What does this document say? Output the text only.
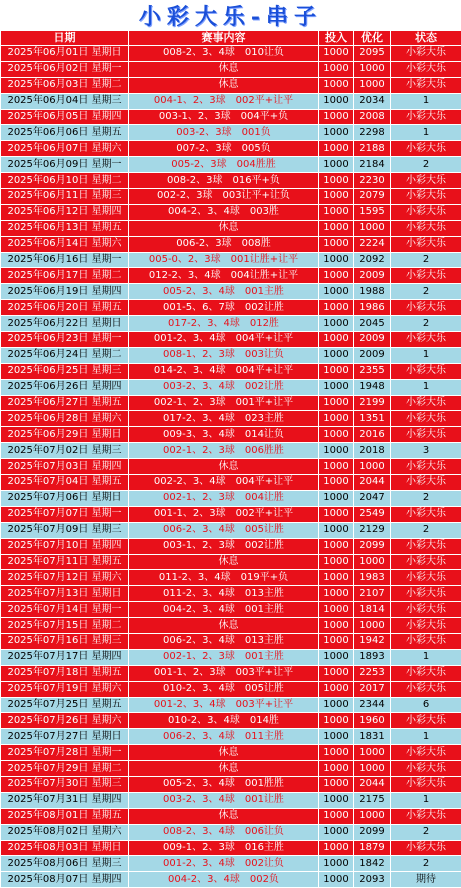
小彩大乐-串子
日期	赛事内容	投入	优化	状态
2025年06月01日 星期日	008-2、3、4球 010让负	1000	2095	小彩大乐
2025年06月02日 星期一	休息	1000	1000	小彩大乐
2025年06月03日 星期二	休息	1000	1000	小彩大乐
2025年06月04日 星期三	004-1、2、3球 002平+让平	1000	2034	1
2025年06月05日 星期四	003-1、2、3球 004平+负	1000	2008	小彩大乐
2025年06月06日 星期五	003-2、3球 001负	1000	2298	1
2025年06月07日 星期六	007-2、3球 005负	1000	2188	小彩大乐
2025年06月09日 星期一	005-2、3球 004胜胜	1000	2184	2
2025年06月10日 星期二	008-2、3球 016平+负	1000	2230	小彩大乐
2025年06月11日 星期三	002-2、3球 003让平+让负	1000	2079	小彩大乐
2025年06月12日 星期四	004-2、3、4球 003胜	1000	1595	小彩大乐
2025年06月13日 星期五	休息	1000	1000	小彩大乐
2025年06月14日 星期六	006-2、3球 008胜	1000	2224	小彩大乐
2025年06月16日 星期一	005-0、2、3球 001让胜+让平	1000	2092	2
2025年06月17日 星期二	012-2、3、4球 004让胜+让平	1000	2009	小彩大乐
2025年06月19日 星期四	005-2、3、4球 001主胜	1000	1988	2
2025年06月20日 星期五	001-5、6、7球 002让胜	1000	1986	小彩大乐
2025年06月22日 星期日	017-2、3、4球 012胜	1000	2045	2
2025年06月23日 星期一	001-2、3、4球 004平+让平	1000	2009	小彩大乐
2025年06月24日 星期二	008-1、2、3球 003让负	1000	2009	1
2025年06月25日 星期三	014-2、3、4球 004平+让平	1000	2355	小彩大乐
2025年06月26日 星期四	003-2、3、4球 002让胜	1000	1948	1
2025年06月27日 星期五	002-1、2、3球 001平+让平	1000	2199	小彩大乐
2025年06月28日 星期六	017-2、3、4球 023主胜	1000	1351	小彩大乐
2025年06月29日 星期日	009-3、3、4球 014让负	1000	2016	小彩大乐
2025年07月02日 星期三	002-1、2、3球 006胜胜	1000	2018	3
2025年07月03日 星期四	休息	1000	1000	小彩大乐
2025年07月04日 星期五	002-2、3、4球 004平+让平	1000	2044	小彩大乐
2025年07月06日 星期日	002-1、2、3球 004让胜	1000	2047	2
2025年07月07日 星期一	001-1、2、3球 002平+让平	1000	2549	小彩大乐
2025年07月09日 星期三	006-2、3、4球 005让胜	1000	2129	2
2025年07月10日 星期四	003-1、2、3球 002让胜	1000	2099	小彩大乐
2025年07月11日 星期五	休息	1000	1000	小彩大乐
2025年07月12日 星期六	011-2、3、4球 019平+负	1000	1983	小彩大乐
2025年07月13日 星期日	011-2、3、4球 013主胜	1000	2107	小彩大乐
2025年07月14日 星期一	004-2、3、4球 001主胜	1000	1814	小彩大乐
2025年07月15日 星期二	休息	1000	1000	小彩大乐
2025年07月16日 星期三	006-2、3、4球 013主胜	1000	1942	小彩大乐
2025年07月17日 星期四	002-1、2、3球 001主胜	1000	1893	1
2025年07月18日 星期五	001-1、2、3球 003平+让平	1000	2253	小彩大乐
2025年07月19日 星期六	010-2、3、4球 005让胜	1000	2017	小彩大乐
2025年07月25日 星期五	001-2、3、4球 003平+让平	1000	2344	6
2025年07月26日 星期六	010-2、3、4球 014胜	1000	1960	小彩大乐
2025年07月27日 星期日	006-2、3、4球 011主胜	1000	1831	1
2025年07月28日 星期一	休息	1000	1000	小彩大乐
2025年07月29日 星期二	休息	1000	1000	小彩大乐
2025年07月30日 星期三	005-2、3、4球 001胜胜	1000	2044	小彩大乐
2025年07月31日 星期四	003-2、3、4球 001让胜	1000	2175	1
2025年08月01日 星期五	休息	1000	1000	小彩大乐
2025年08月02日 星期六	008-2、3、4球 006让负	1000	2099	2
2025年08月03日 星期日	009-1、2、3球 016主胜	1000	1879	小彩大乐
2025年08月06日 星期三	001-2、3、4球 002让负	1000	1842	2
2025年08月07日 星期四	004-2、3、4球 002负	1000	2093	期待
